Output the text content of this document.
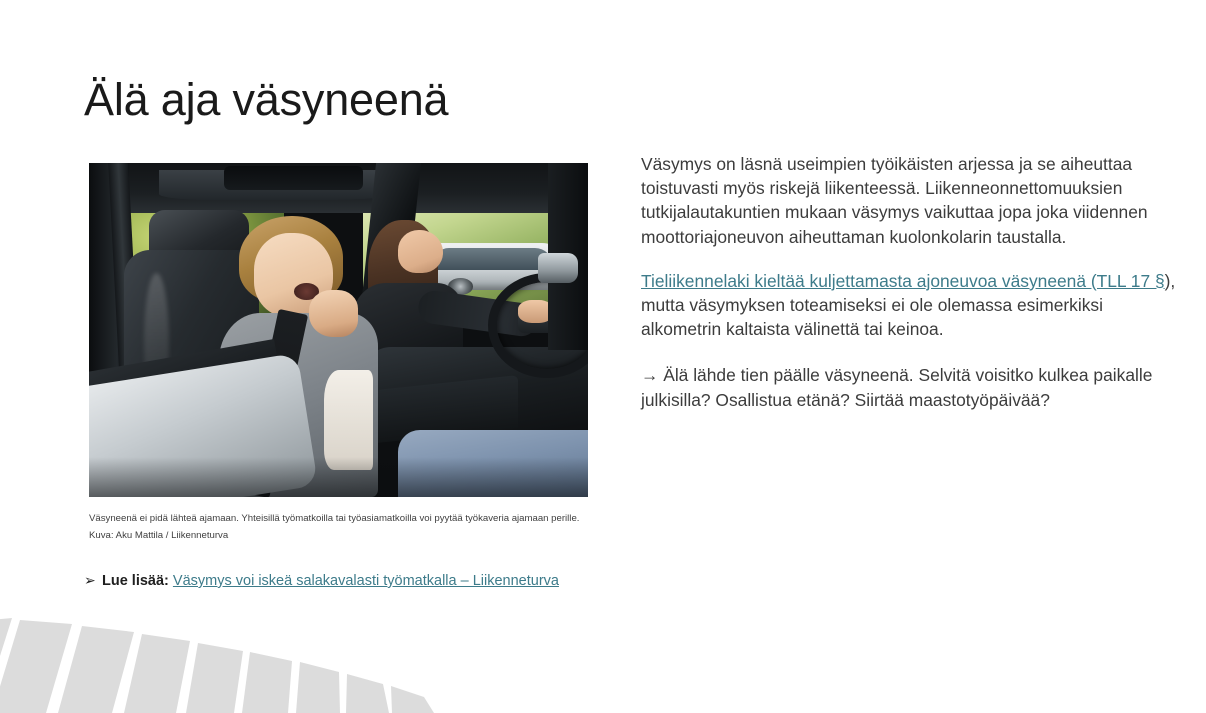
Älä aja väsyneenä
Väsyneenä ei pidä lähteä ajamaan. Yhteisillä työmatkoilla tai työasiamatkoilla voi pyytää työkaveria ajamaan perille. Kuva: Aku Mattila / Liikenneturva
➢ Lue lisää: Väsymys voi iskeä salakavalasti työmatkalla – Liikenneturva

Väsymys on läsnä useimpien työikäisten arjessa ja se aiheuttaa toistuvasti myös riskejä liikenteessä. Liikenneonnettomuuksien tutkijalautakuntien mukaan väsymys vaikuttaa jopa joka viidennen moottoriajoneuvon aiheuttaman kuolonkolarin taustalla.

Tieliikennelaki kieltää kuljettamasta ajoneuvoa väsyneenä (TLL 17 §), mutta väsymyksen toteamiseksi ei ole olemassa esimerkiksi alkometrin kaltaista välinettä tai keinoa.

→ Älä lähde tien päälle väsyneenä. Selvitä voisitko kulkea paikalle julkisilla? Osallistua etänä? Siirtää maastotyöpäivää?
